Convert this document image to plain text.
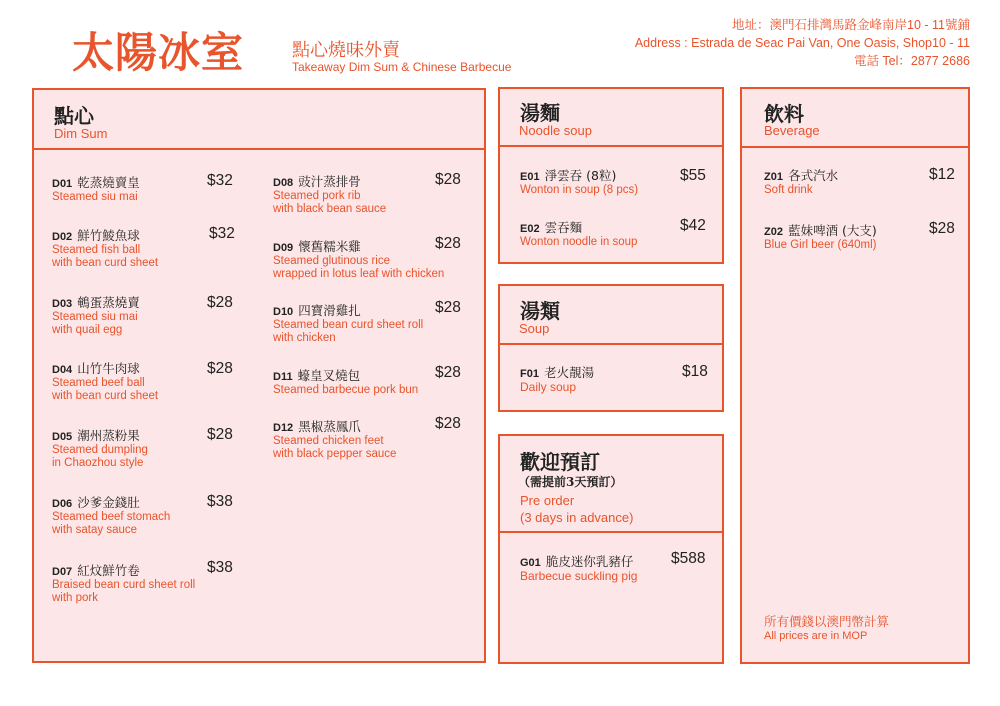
太陽冰室	點心燒味外賣
Takeaway Dim Sum & Chinese Barbecue
地址：澳門石排灣馬路金峰南岸10 - 11號鋪
Address : Estrada de Seac Pai Van, One Oasis, Shop10 - 11
電話 Tel：2877 2686
點心
Dim Sum
D01 乾蒸燒賣皇
Steamed siu mai
$32
D02 鮮竹鯪魚球
Steamed fish ball
with bean curd sheet
$32
D03 鵪蛋蒸燒賣
Steamed siu mai
with quail egg
$28
D04 山竹牛肉球
Steamed beef ball
with bean curd sheet
$28
D05 潮州蒸粉果
Steamed dumpling
in Chaozhou style
$28
D06 沙爹金錢肚
Steamed beef stomach
with satay sauce
$38
D07 紅炆鮮竹卷
Braised bean curd sheet roll
with pork
$38
D08 豉汁蒸排骨
Steamed pork rib
with black bean sauce
$28
D09 懷舊糯米雞
Steamed glutinous rice
wrapped in lotus leaf with chicken
$28
D10 四寶滑雞扎
Steamed bean curd sheet roll
with chicken
$28
D11 蠔皇叉燒包
Steamed barbecue pork bun
$28
D12 黑椒蒸鳳爪
Steamed chicken feet
with black pepper sauce
$28
湯麵
Noodle soup
E01 淨雲吞 (8粒)
Wonton in soup (8 pcs)
$55
E02 雲吞麵
Wonton noodle in soup
$42
湯類
Soup
F01 老火靚湯
Daily soup
$18
歡迎預訂
（需提前3天預訂）
Pre order
(3 days in advance)
G01 脆皮迷你乳豬仔
Barbecue suckling pig
$588
飲料
Beverage
Z01 各式汽水
Soft drink
$12
Z02 藍妹啤酒 (大支)
Blue Girl beer (640ml)
$28
所有價錢以澳門幣計算
All prices are in MOP
